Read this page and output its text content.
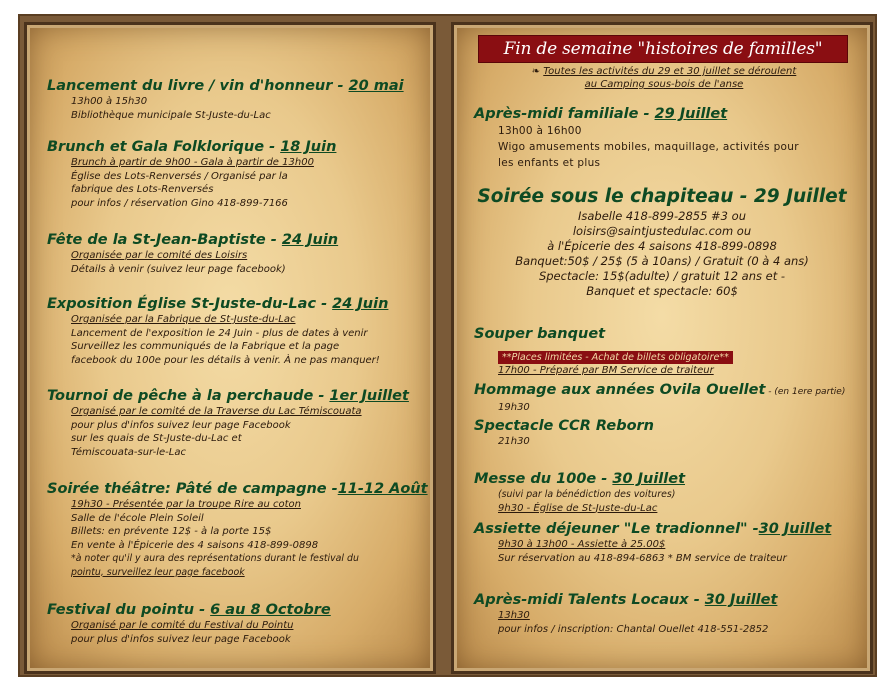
Lancement du livre / vin d'honneur - 20 mai
13h00 à 15h30
Bibliothèque municipale St-Juste-du-Lac
Brunch et Gala Folklorique - 18 Juin
Brunch à partir de 9h00 - Gala à partir de 13h00
Église des Lots-Renversés / Organisé par la
fabrique des Lots-Renversés
pour infos / réservation Gino 418-899-7166
Fête de la St-Jean-Baptiste - 24 Juin
Organisée par le comité des Loisirs
Détails à venir (suivez leur page facebook)
Exposition Église St-Juste-du-Lac - 24 Juin
Organisée par la Fabrique de St-Juste-du-Lac
Lancement de l'exposition le 24 Juin - plus de dates à venir
Surveillez les communiqués de la Fabrique et la page
facebook du 100e pour les détails à venir. À ne pas manquer!
Tournoi de pêche à la perchaude - 1er Juillet
Organisé par le comité de la Traverse du Lac Témiscouata
pour plus d'infos suivez leur page Facebook
sur les quais de St-Juste-du-Lac et
Témiscouata-sur-le-Lac
Soirée théâtre: Pâté de campagne -11-12 Août
19h30 - Présentée par la troupe Rire au coton
Salle de l'école Plein Soleil
Billets: en prévente 12$ - à la porte 15$
En vente à l'Épicerie des 4 saisons 418-899-0898
*à noter qu'il y aura des représentations durant le festival du
pointu, surveillez leur page facebook
Festival du pointu - 6 au 8 Octobre
Organisé par le comité du Festival du Pointu
pour plus d'infos suivez leur page Facebook
Fin de semaine "histoires de familles"
❧ Toutes les activités du 29 et 30 juillet se déroulent
au Camping sous-bois de l'anse
Après-midi familiale - 29 Juillet
13h00 à 16h00
Wigo amusements mobiles, maquillage, activités pour
les enfants et plus
Soirée sous le chapiteau - 29 Juillet
Isabelle 418-899-2855 #3 ou
loisirs@saintjustedulac.com ou
à l'Épicerie des 4 saisons 418-899-0898
Banquet:50$ / 25$ (5 à 10ans) / Gratuit (0 à 4 ans)
Spectacle: 15$(adulte) / gratuit 12 ans et -
Banquet et spectacle: 60$
Souper banquet
**Places limitées - Achat de billets obligatoire**
17h00 - Préparé par BM Service de traiteur
Hommage aux années Ovila Ouellet - (en 1ere partie)
19h30
Spectacle CCR Reborn
21h30
Messe du 100e - 30 Juillet
(suivi par la bénédiction des voitures)
9h30 - Église de St-Juste-du-Lac
Assiette déjeuner "Le tradionnel" -30 Juillet
9h30 à 13h00 - Assiette à 25.00$
Sur réservation au 418-894-6863 * BM service de traiteur
Après-midi Talents Locaux - 30 Juillet
13h30
pour infos / inscription: Chantal Ouellet 418-551-2852
